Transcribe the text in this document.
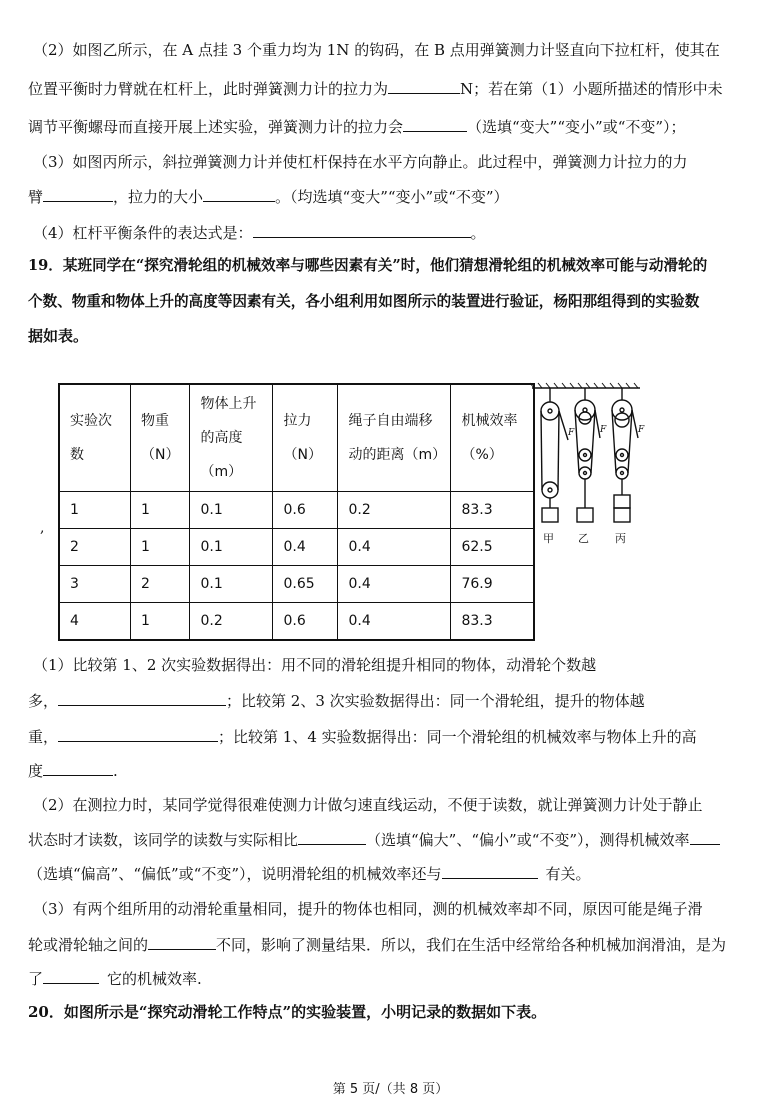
（2）如图乙所示，在 A 点挂 3 个重力均为 1N 的钩码，在 B 点用弹簧测力计竖直向下拉杠杆，使其在
位置平衡时力臂就在杠杆上，此时弹簧测力计的拉力为	N；若在第（1）小题所描述的情形中未
调节平衡螺母而直接开展上述实验，弹簧测力计的拉力会	（选填“变大”“变小”或“不变”）；
（3）如图丙所示，斜拉弹簧测力计并使杠杆保持在水平方向静止。此过程中，弹簧测力计拉力的力
臂	，拉力的大小	。（均选填“变大”“变小”或“不变”）
（4）杠杆平衡条件的表达式是：	。
19．某班同学在“探究滑轮组的机械效率与哪些因素有关”时，他们猜想滑轮组的机械效率可能与动滑轮的
个数、物重和物体上升的高度等因素有关，各小组利用如图所示的装置进行验证，杨阳那组得到的实验数
据如表。
,
实验次数	物重（N）	物体上升的高度（m）	拉力（N）	绳子自由端移动的距离（m）	机械效率（%）
1	1	0.1	0.6	0.2	83.3
2	1	0.1	0.4	0.4	62.5
3	2	0.1	0.65	0.4	76.9
4	1	0.2	0.6	0.4	83.3
F	F	F
甲 乙 丙
（1）比较第 1、2 次实验数据得出：用不同的滑轮组提升相同的物体，动滑轮个数越
多，	；比较第 2、3 次实验数据得出：同一个滑轮组，提升的物体越
重，	；比较第 1、4 实验数据得出：同一个滑轮组的机械效率与物体上升的高
度	.
（2）在测拉力时，某同学觉得很难使测力计做匀速直线运动，不便于读数，就让弹簧测力计处于静止
状态时才读数，该同学的读数与实际相比	（选填“偏大”、“偏小”或“不变”），测得机械效率
（选填“偏高”、“偏低”或“不变”），说明滑轮组的机械效率还与	有关。
（3）有两个组所用的动滑轮重量相同，提升的物体也相同，测的机械效率却不同，原因可能是绳子滑
轮或滑轮轴之间的	不同，影响了测量结果．所以，我们在生活中经常给各种机械加润滑油，是为
了	它的机械效率.
20．如图所示是“探究动滑轮工作特点”的实验装置，小明记录的数据如下表。
第 5 页/（共 8 页）
